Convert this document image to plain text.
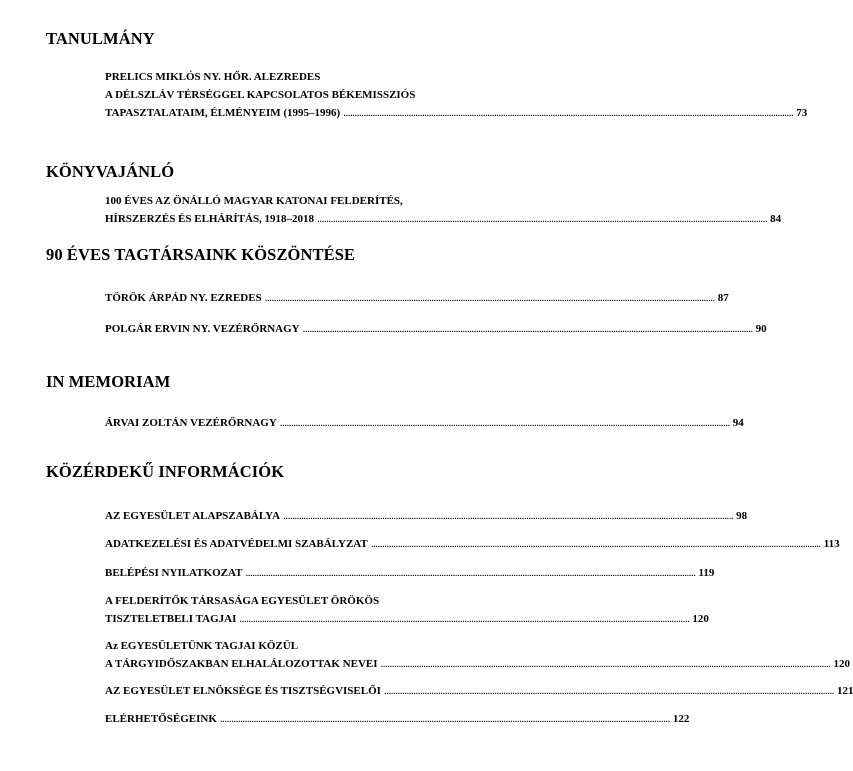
TANULMÁNY
PRELICS MIKLÓS NY. HŐR. ALEZREDES
A DÉLSZLÁV TÉRSÉGGEL KAPCSOLATOS BÉKEMISSZIÓS
TAPASZTALATAIM, ÉLMÉNYEIM (1995–1996) ........................................................................................................................................................................................................ 73
KÖNYVAJÁNLÓ
100 ÉVES AZ ÖNÁLLÓ MAGYAR KATONAI FELDERÍTÉS,
HÍRSZERZÉS ÉS ELHÁRÍTÁS, 1918–2018 ........................................................................................................................................................................................................ 84
90 ÉVES TAGTÁRSAINK KÖSZÖNTÉSE
TÖRÖK ÁRPÁD NY. EZREDES ........................................................................................................................................................................................................ 87
POLGÁR ERVIN NY. VEZÉRŐRNAGY ........................................................................................................................................................................................................ 90
IN MEMORIAM
ÁRVAI ZOLTÁN VEZÉRŐRNAGY ........................................................................................................................................................................................................ 94
KÖZÉRDEKŰ INFORMÁCIÓK
AZ EGYESÜLET ALAPSZABÁLYA ........................................................................................................................................................................................................ 98
ADATKEZELÉSI ÉS ADATVÉDELMI SZABÁLYZAT ........................................................................................................................................................................................................ 113
BELÉPÉSI NYILATKOZAT ........................................................................................................................................................................................................ 119
A FELDERÍTŐK TÁRSASÁGA EGYESÜLET ÖRÖKÖS
TISZTELETBELI TAGJAI ........................................................................................................................................................................................................ 120
Az EGYESÜLETÜNK TAGJAI KÖZÜL
A TÁRGYIDŐSZAKBAN ELHALÁLOZOTTAK NEVEI ........................................................................................................................................................................................................ 120
AZ EGYESÜLET ELNÖKSÉGE ÉS TISZTSÉGVISELŐI ........................................................................................................................................................................................................ 121
ELÉRHETŐSÉGEINK ........................................................................................................................................................................................................ 122
